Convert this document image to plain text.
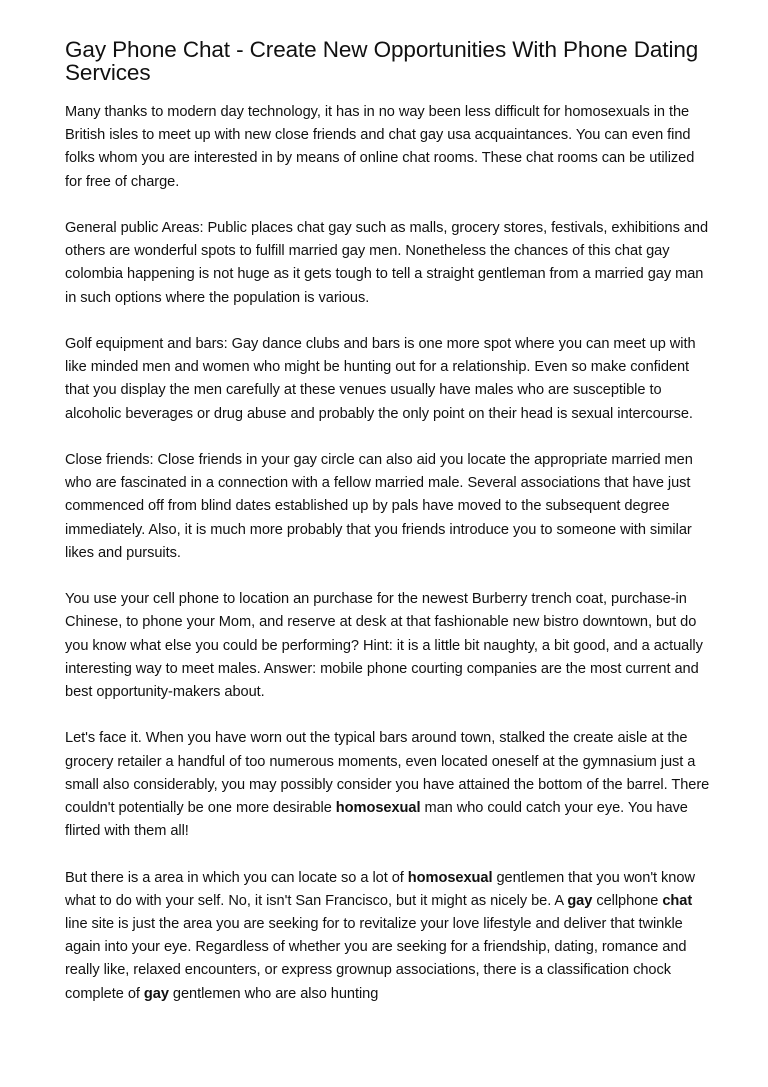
Gay Phone Chat - Create New Opportunities With Phone Dating Services

Many thanks to modern day technology, it has in no way been less difficult for homosexuals in the British isles to meet up with new close friends and chat gay usa acquaintances. You can even find folks whom you are interested in by means of online chat rooms. These chat rooms can be utilized for free of charge.

General public Areas: Public places chat gay such as malls, grocery stores, festivals, exhibitions and others are wonderful spots to fulfill married gay men. Nonetheless the chances of this chat gay colombia happening is not huge as it gets tough to tell a straight gentleman from a married gay man in such options where the population is various.

Golf equipment and bars: Gay dance clubs and bars is one more spot where you can meet up with like minded men and women who might be hunting out for a relationship. Even so make confident that you display the men carefully at these venues usually have males who are susceptible to alcoholic beverages or drug abuse and probably the only point on their head is sexual intercourse.

Close friends: Close friends in your gay circle can also aid you locate the appropriate married men who are fascinated in a connection with a fellow married male. Several associations that have just commenced off from blind dates established up by pals have moved to the subsequent degree immediately. Also, it is much more probably that you friends introduce you to someone with similar likes and pursuits.

You use your cell phone to location an purchase for the newest Burberry trench coat, purchase-in Chinese, to phone your Mom, and reserve at desk at that fashionable new bistro downtown, but do you know what else you could be performing? Hint: it is a little bit naughty, a bit good, and a actually interesting way to meet males. Answer: mobile phone courting companies are the most current and best opportunity-makers about.

Let's face it. When you have worn out the typical bars around town, stalked the create aisle at the grocery retailer a handful of too numerous moments, even located oneself at the gymnasium just a small also considerably, you may possibly consider you have attained the bottom of the barrel. There couldn't potentially be one more desirable homosexual man who could catch your eye. You have flirted with them all!

But there is a area in which you can locate so a lot of homosexual gentlemen that you won't know what to do with your self. No, it isn't San Francisco, but it might as nicely be. A gay cellphone chat line site is just the area you are seeking for to revitalize your love lifestyle and deliver that twinkle again into your eye. Regardless of whether you are seeking for a friendship, dating, romance and really like, relaxed encounters, or express grownup associations, there is a classification chock complete of gay gentlemen who are also hunting
